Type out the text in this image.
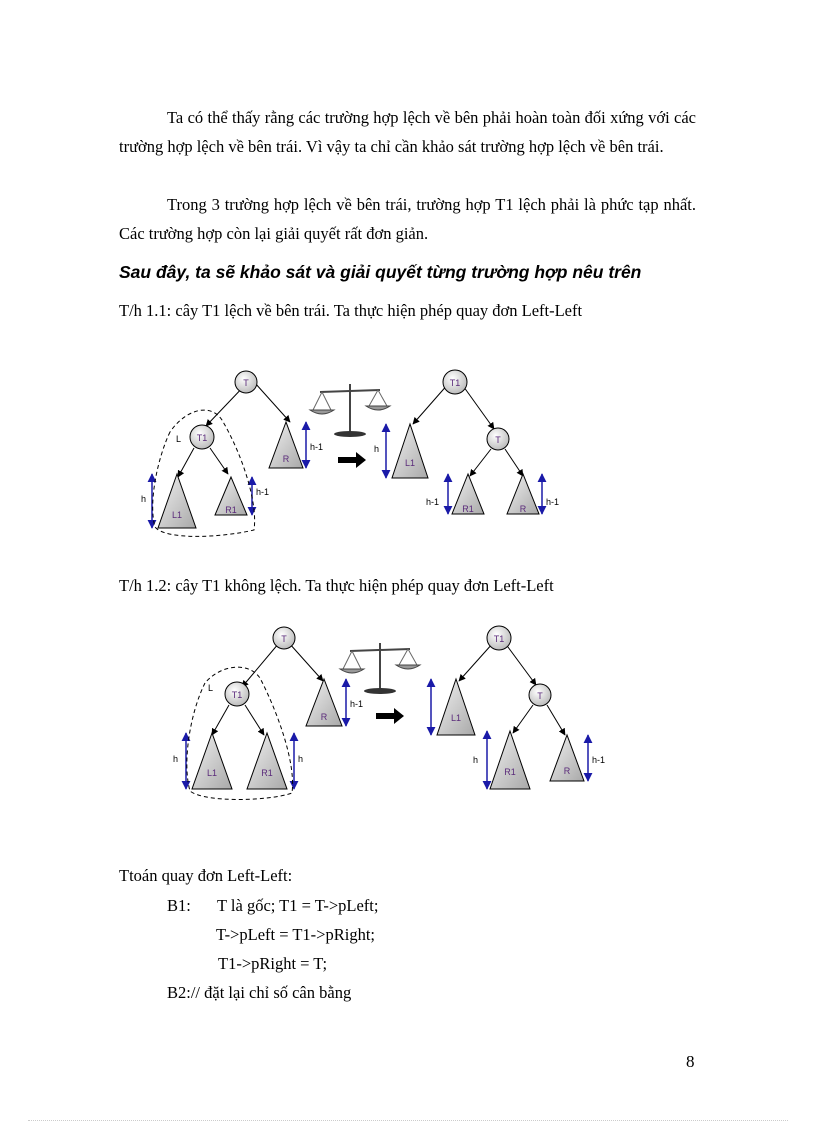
Ta có thể thấy rằng các trường hợp lệch về bên phải hoàn toàn đối xứng với các trường hợp lệch về bên trái. Vì vậy ta chỉ cần khảo sát trường hợp lệch về bên trái.

Trong 3 trường hợp lệch về bên trái, trường hợp T1 lệch phải là phức tạp nhất. Các trường hợp còn lại giải quyết rất đơn giản.

Sau đây, ta sẽ khảo sát và giải quyết từng trường hợp nêu trên

T/h 1.1: cây T1 lệch về bên trái. Ta thực hiện phép quay đơn Left-Left

T
T1
L
R
h-1
L1	R1
h
h-1
T1
L1
h
T
R1	R
h-1	h-1

T/h 1.2: cây T1 không lệch. Ta thực hiện phép quay đơn Left-Left

T
T1
L
R
h-1
L1	R1
h	h
T1
L1
T
R1	R
h	h-1

Ttoán quay đơn Left-Left:

B1: T là gốc; T1 = T->pLeft;

T->pLeft = T1->pRight;

T1->pRight = T;

B2:// đặt lại chỉ số cân bằng

8
